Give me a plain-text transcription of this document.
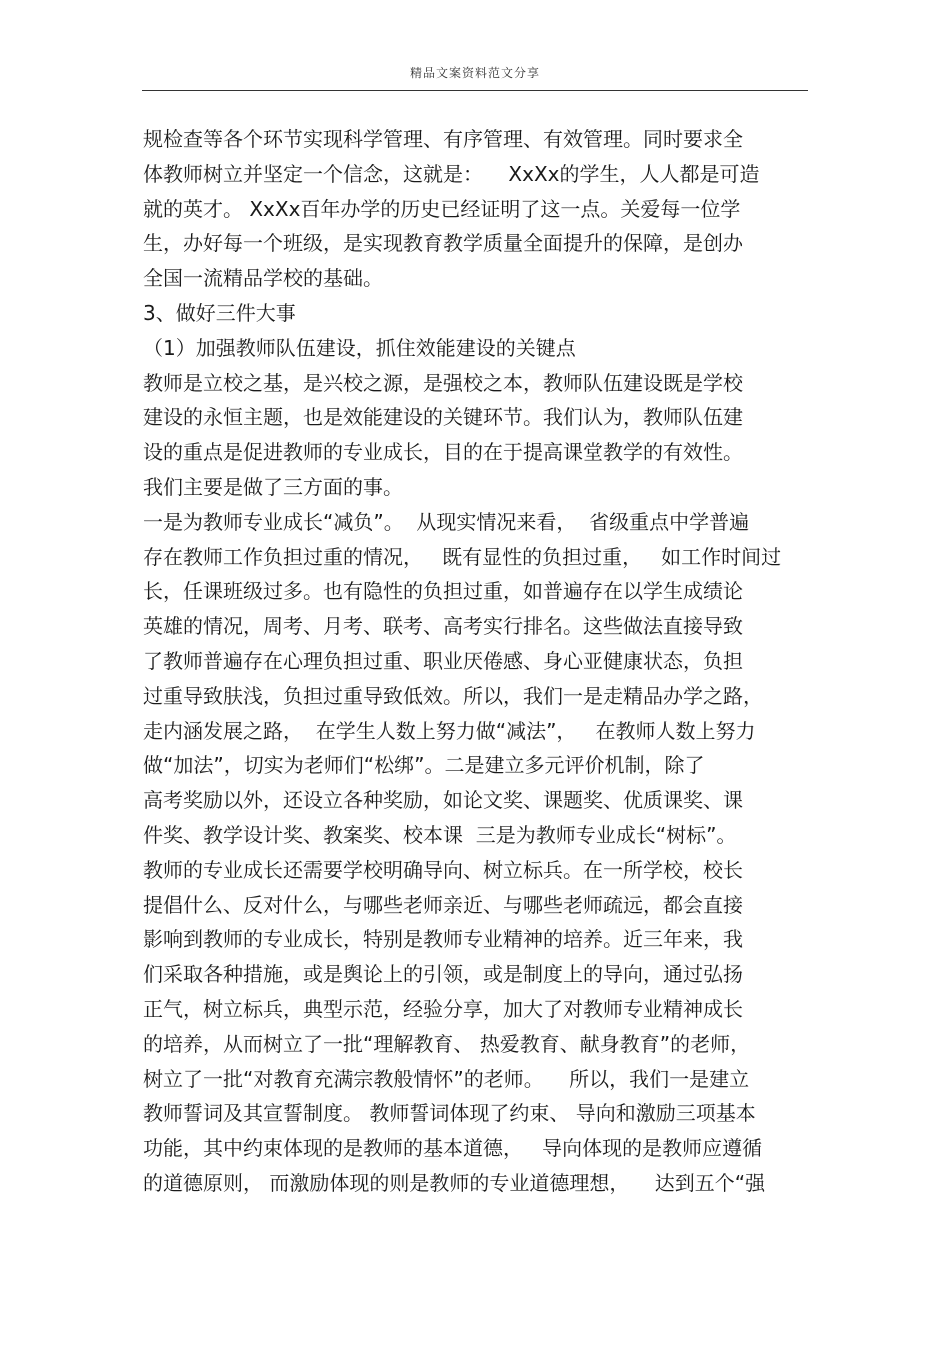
精品文案资料范文分享
规检查等各个环节实现科学管理、有序管理、有效管理。同时要求全
体教师树立并坚定一个信念，这就是：    XxXx的学生，人人都是可造
就的英才。 XxXx百年办学的历史已经证明了这一点。关爱每一位学
生，办好每一个班级，是实现教育教学质量全面提升的保障，是创办
全国一流精品学校的基础。
3、做好三件大事
（1）加强教师队伍建设，抓住效能建设的关键点
教师是立校之基，是兴校之源，是强校之本，教师队伍建设既是学校
建设的永恒主题，也是效能建设的关键环节。我们认为，教师队伍建
设的重点是促进教师的专业成长，目的在于提高课堂教学的有效性。
我们主要是做了三方面的事。
一是为教师专业成长“减负”。  从现实情况来看，  省级重点中学普遍
存在教师工作负担过重的情况，   既有显性的负担过重，   如工作时间过
长，任课班级过多。也有隐性的负担过重，如普遍存在以学生成绩论
英雄的情况，周考、月考、联考、高考实行排名。这些做法直接导致
了教师普遍存在心理负担过重、职业厌倦感、身心亚健康状态，负担
过重导致肤浅，负担过重导致低效。所以，我们一是走精品办学之路，
走内涵发展之路，  在学生人数上努力做“减法”，   在教师人数上努力
做“加法”，切实为老师们“松绑”。二是建立多元评价机制，除了
高考奖励以外，还设立各种奖励，如论文奖、课题奖、优质课奖、课
件奖、教学设计奖、教案奖、校本课  三是为教师专业成长“树标”。
教师的专业成长还需要学校明确导向、树立标兵。在一所学校，校长
提倡什么、反对什么，与哪些老师亲近、与哪些老师疏远，都会直接
影响到教师的专业成长，特别是教师专业精神的培养。近三年来，我
们采取各种措施，或是舆论上的引领，或是制度上的导向，通过弘扬
正气，树立标兵，典型示范，经验分享，加大了对教师专业精神成长
的培养，从而树立了一批“理解教育、 热爱教育、献身教育”的老师，
树立了一批“对教育充满宗教般情怀”的老师。    所以，我们一是建立
教师誓词及其宣誓制度。 教师誓词体现了约束、 导向和激励三项基本
功能，其中约束体现的是教师的基本道德，   导向体现的是教师应遵循
的道德原则， 而激励体现的则是教师的专业道德理想，    达到五个“强
